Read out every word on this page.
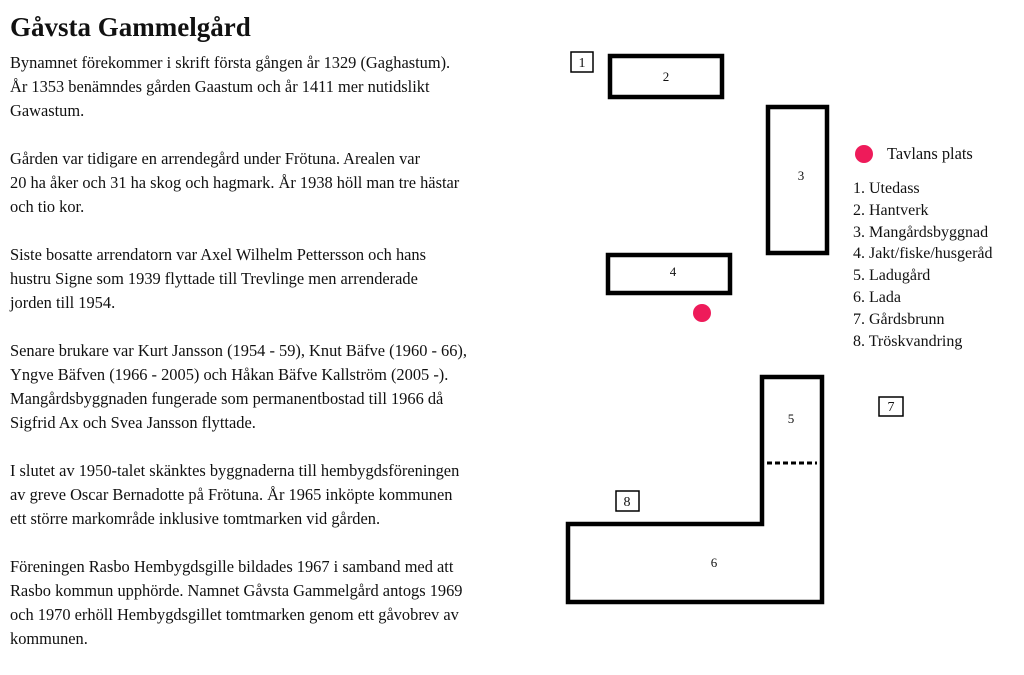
Gåvsta Gammelgård

Bynamnet förekommer i skrift första gången år 1329 (Gaghastum).
År 1353 benämndes gården Gaastum och år 1411 mer nutidslikt
Gawastum.

Gården var tidigare en arrendegård under Frötuna. Arealen var
20 ha åker och 31 ha skog och hagmark. År 1938 höll man tre hästar
och tio kor.

Siste bosatte arrendatorn var Axel Wilhelm Pettersson och hans
hustru Signe som 1939 flyttade till Trevlinge men arrenderade
jorden till 1954.

Senare brukare var Kurt Jansson (1954 - 59), Knut Bäfve (1960 - 66),
Yngve Bäfven (1966 - 2005) och Håkan Bäfve Kallström (2005 -).
Mangårdsbyggnaden fungerade som permanentbostad till 1966 då
Sigfrid Ax och Svea Jansson flyttade.

I slutet av 1950-talet skänktes byggnaderna till hembygdsföreningen
av greve Oscar Bernadotte på Frötuna. År 1965 inköpte kommunen
ett större markområde inklusive tomtmarken vid gården.

Föreningen Rasbo Hembygdsgille bildades 1967 i samband med att
Rasbo kommun upphörde. Namnet Gåvsta Gammelgård antogs 1969
och 1970 erhöll Hembygdsgillet tomtmarken genom ett gåvobrev av
kommunen.

1
7
8
2
3
4
5
6
Tavlans plats
1. Utedass
2. Hantverk
3. Mangårdsbyggnad
4. Jakt/fiske/husgeråd
5. Ladugård
6. Lada
7. Gårdsbrunn
8. Tröskvandring
